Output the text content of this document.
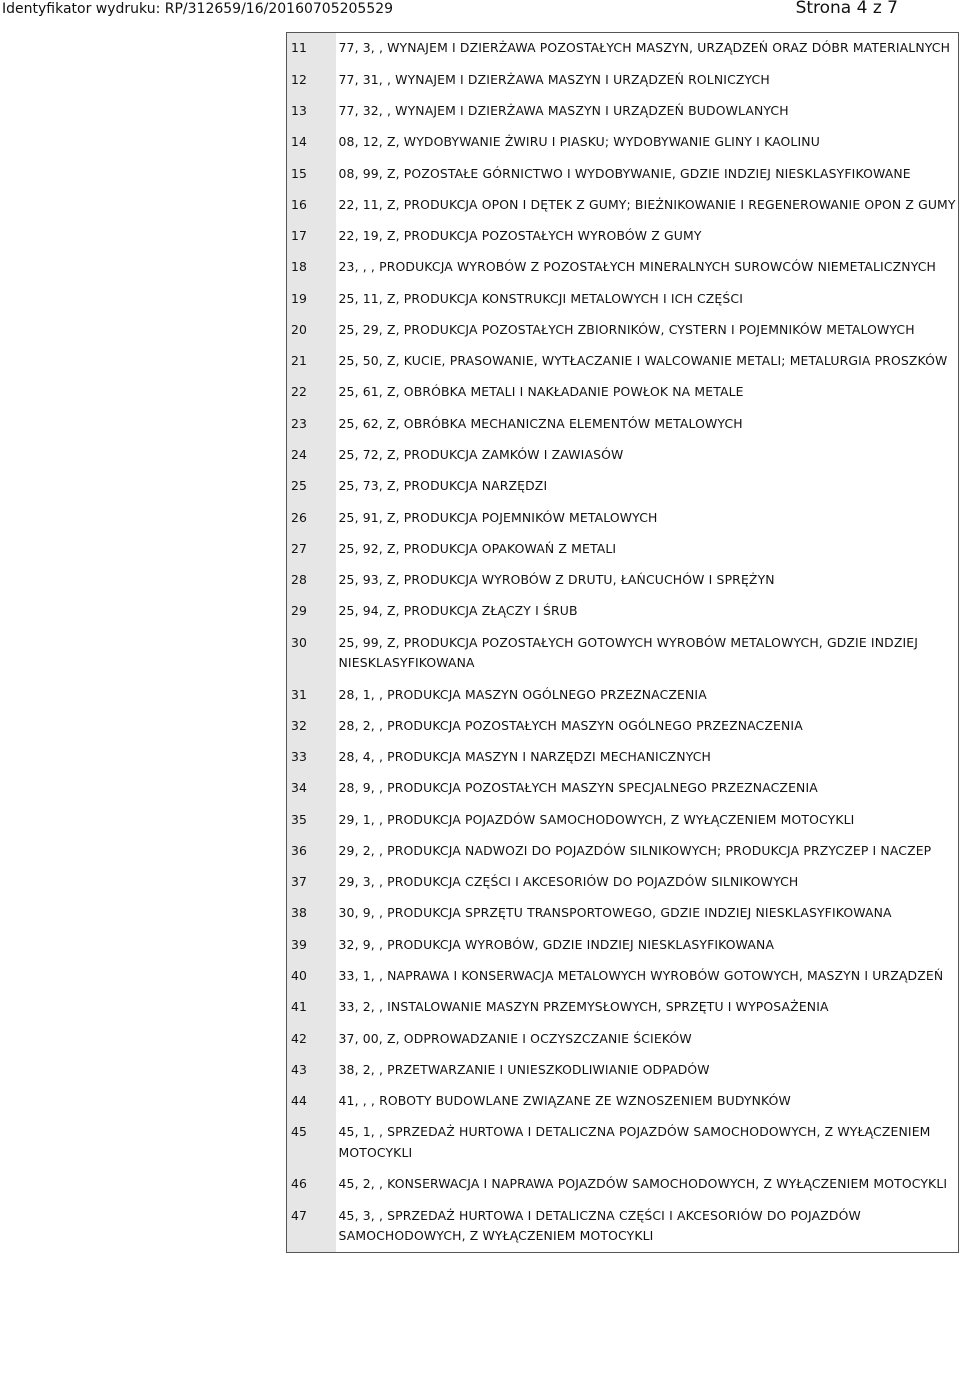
Identyfikator wydruku: RP/312659/16/20160705205529	Strona 4 z 7
11	77, 3, , WYNAJEM I DZIERŻAWA POZOSTAŁYCH MASZYN, URZĄDZEŃ ORAZ DÓBR MATERIALNYCH
12	77, 31, , WYNAJEM I DZIERŻAWA MASZYN I URZĄDZEŃ ROLNICZYCH
13	77, 32, , WYNAJEM I DZIERŻAWA MASZYN I URZĄDZEŃ BUDOWLANYCH
14	08, 12, Z, WYDOBYWANIE ŻWIRU I PIASKU; WYDOBYWANIE GLINY I KAOLINU
15	08, 99, Z, POZOSTAŁE GÓRNICTWO I WYDOBYWANIE, GDZIE INDZIEJ NIESKLASYFIKOWANE
16	22, 11, Z, PRODUKCJA OPON I DĘTEK Z GUMY; BIEŻNIKOWANIE I REGENEROWANIE OPON Z GUMY
17	22, 19, Z, PRODUKCJA POZOSTAŁYCH WYROBÓW Z GUMY
18	23, , , PRODUKCJA WYROBÓW Z POZOSTAŁYCH MINERALNYCH SUROWCÓW NIEMETALICZNYCH
19	25, 11, Z, PRODUKCJA KONSTRUKCJI METALOWYCH I ICH CZĘŚCI
20	25, 29, Z, PRODUKCJA POZOSTAŁYCH ZBIORNIKÓW, CYSTERN I POJEMNIKÓW METALOWYCH
21	25, 50, Z, KUCIE, PRASOWANIE, WYTŁACZANIE I WALCOWANIE METALI; METALURGIA PROSZKÓW
22	25, 61, Z, OBRÓBKA METALI I NAKŁADANIE POWŁOK NA METALE
23	25, 62, Z, OBRÓBKA MECHANICZNA ELEMENTÓW METALOWYCH
24	25, 72, Z, PRODUKCJA ZAMKÓW I ZAWIASÓW
25	25, 73, Z, PRODUKCJA NARZĘDZI
26	25, 91, Z, PRODUKCJA POJEMNIKÓW METALOWYCH
27	25, 92, Z, PRODUKCJA OPAKOWAŃ Z METALI
28	25, 93, Z, PRODUKCJA WYROBÓW Z DRUTU, ŁAŃCUCHÓW I SPRĘŻYN
29	25, 94, Z, PRODUKCJA ZŁĄCZY I ŚRUB
30	25, 99, Z, PRODUKCJA POZOSTAŁYCH GOTOWYCH WYROBÓW METALOWYCH, GDZIE INDZIEJ NIESKLASYFIKOWANA
31	28, 1, , PRODUKCJA MASZYN OGÓLNEGO PRZEZNACZENIA
32	28, 2, , PRODUKCJA POZOSTAŁYCH MASZYN OGÓLNEGO PRZEZNACZENIA
33	28, 4, , PRODUKCJA MASZYN I NARZĘDZI MECHANICZNYCH
34	28, 9, , PRODUKCJA POZOSTAŁYCH MASZYN SPECJALNEGO PRZEZNACZENIA
35	29, 1, , PRODUKCJA POJAZDÓW SAMOCHODOWYCH, Z WYŁĄCZENIEM MOTOCYKLI
36	29, 2, , PRODUKCJA NADWOZI DO POJAZDÓW SILNIKOWYCH; PRODUKCJA PRZYCZEP I NACZEP
37	29, 3, , PRODUKCJA CZĘŚCI I AKCESORIÓW DO POJAZDÓW SILNIKOWYCH
38	30, 9, , PRODUKCJA SPRZĘTU TRANSPORTOWEGO, GDZIE INDZIEJ NIESKLASYFIKOWANA
39	32, 9, , PRODUKCJA WYROBÓW, GDZIE INDZIEJ NIESKLASYFIKOWANA
40	33, 1, , NAPRAWA I KONSERWACJA METALOWYCH WYROBÓW GOTOWYCH, MASZYN I URZĄDZEŃ
41	33, 2, , INSTALOWANIE MASZYN PRZEMYSŁOWYCH, SPRZĘTU I WYPOSAŻENIA
42	37, 00, Z, ODPROWADZANIE I OCZYSZCZANIE ŚCIEKÓW
43	38, 2, , PRZETWARZANIE I UNIESZKODLIWIANIE ODPADÓW
44	41, , , ROBOTY BUDOWLANE ZWIĄZANE ZE WZNOSZENIEM BUDYNKÓW
45	45, 1, , SPRZEDAŻ HURTOWA I DETALICZNA POJAZDÓW SAMOCHODOWYCH, Z WYŁĄCZENIEM MOTOCYKLI
46	45, 2, , KONSERWACJA I NAPRAWA POJAZDÓW SAMOCHODOWYCH, Z WYŁĄCZENIEM MOTOCYKLI
47	45, 3, , SPRZEDAŻ HURTOWA I DETALICZNA CZĘŚCI I AKCESORIÓW DO POJAZDÓW SAMOCHODOWYCH, Z WYŁĄCZENIEM MOTOCYKLI
